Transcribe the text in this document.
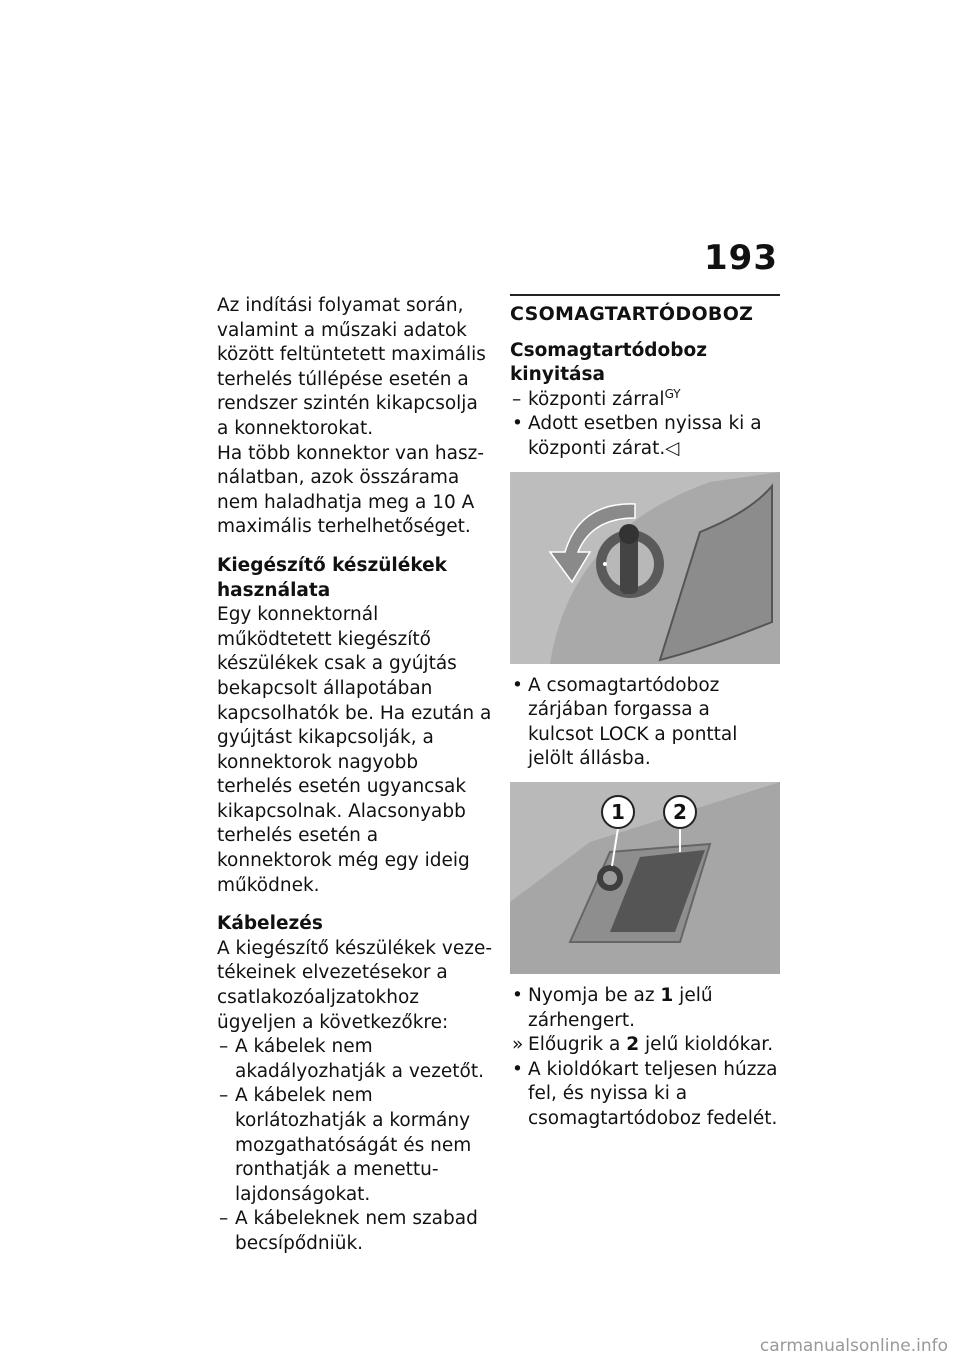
193

Az indítási folyamat során, valamint a műszaki adatok között feltüntetett maximális terhelés túllépése esetén a rendszer szintén kikapcsolja a konnektorokat.

Ha több konnektor van használatban, azok összárama nem haladhatja meg a 10 A maximális terhelhetőséget.

Kiegészítő készülékek használata

Egy konnektornál működtetett kiegészítő készülékek csak a gyújtás bekapcsolt állapotában kapcsolhatók be. Ha ezután a gyújtást kikapcsolják, a konnektorok nagyobb terhelés esetén ugyancsak kikapcsolnak. Alacsonyabb terhelés esetén a konnektorok még egy ideig működnek.

Kábelezés

A kiegészítő készülékek vezetékeinek elvezetésekor a csatlakozóaljzatokhoz ügyeljen a következőkre:

– A kábelek nem akadályozhatják a vezetőt.
– A kábelek nem korlátozhatják a kormány mozgathatóságát és nem ronthatják a menettulajdonságokat.
– A kábeleknek nem szabad becsípődniük.

CSOMAGTARTÓDOBOZ

Csomagtartódoboz kinyitása

– központi zárral$^{GY}$
• Adott esetben nyissa ki a központi zárat.◁
• A csomagtartódoboz zárjában forgassa a kulcsot LOCK a ponttal jelölt állásba.
1 2
• Nyomja be az 1 jelű zárhengert.
» Előugrik a 2 jelű kioldókar.
• A kioldókart teljesen húzza fel, és nyissa ki a csomagtartódoboz fedelét.
carmanualsonline.info
